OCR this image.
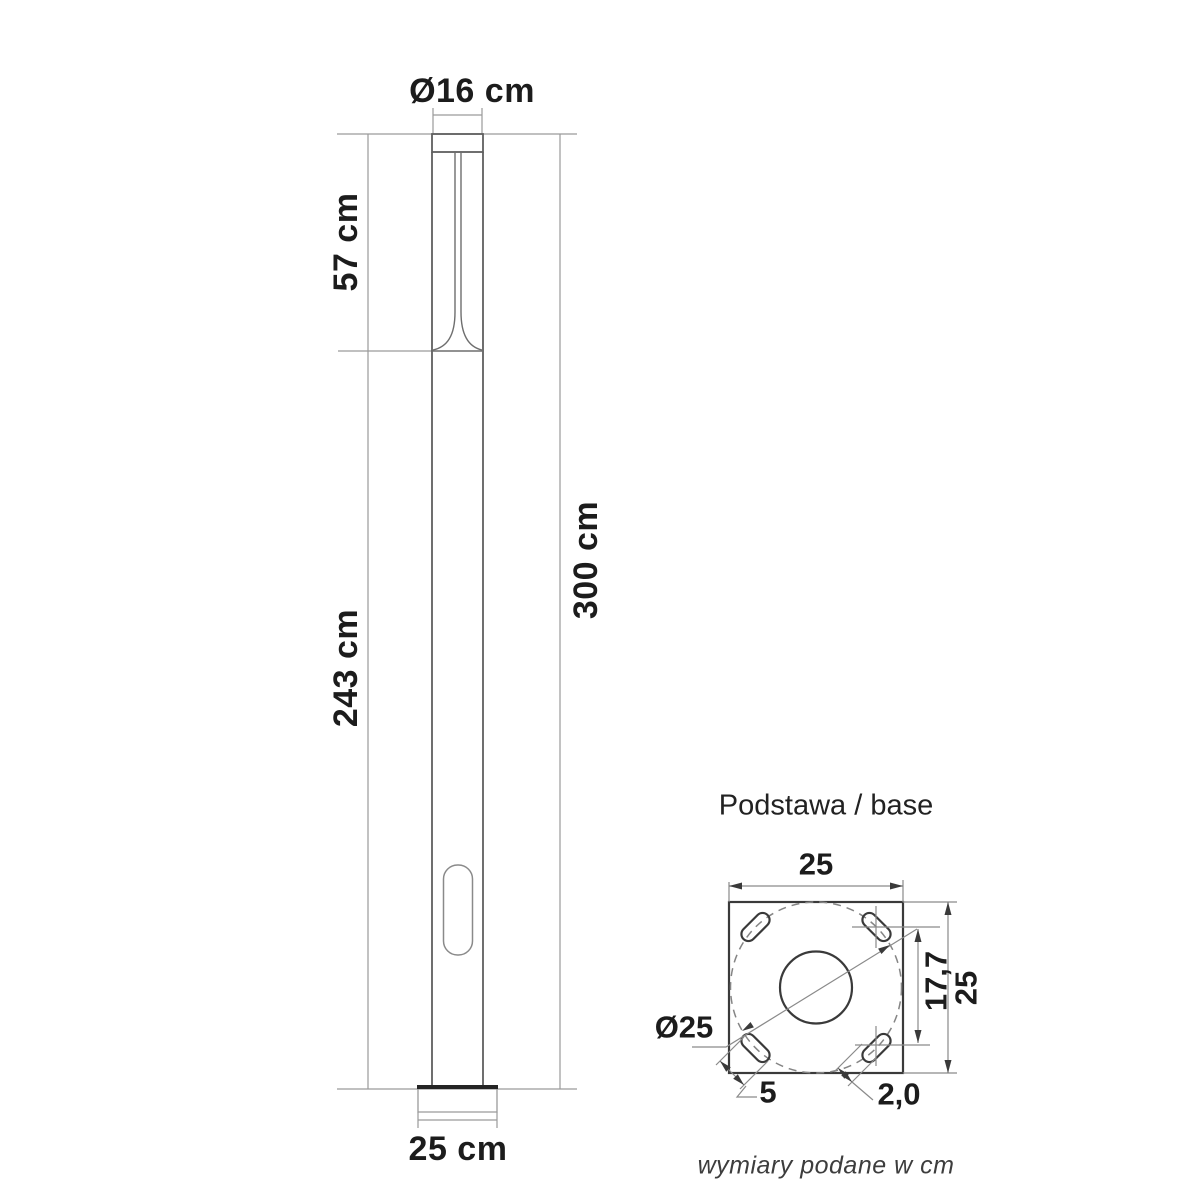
Ø16 cm
57 cm
300 cm
243 cm
25 cm
Podstawa / base
25
17,7
25
Ø25
5	2,0
wymiary podane w cm
